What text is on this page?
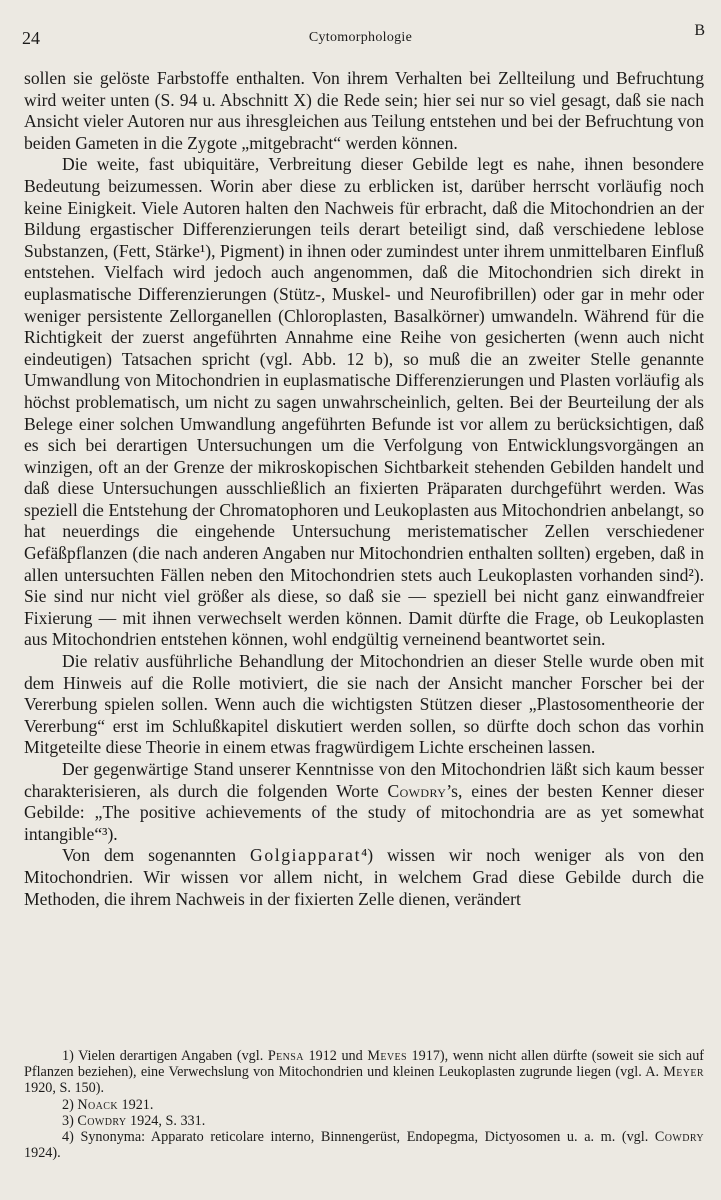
24	Cytomorphologie	B

sollen sie gelöste Farbstoffe enthalten. Von ihrem Verhalten bei Zellteilung und Befruchtung wird weiter unten (S. 94 u. Abschnitt X) die Rede sein; hier sei nur so viel gesagt, daß sie nach Ansicht vieler Autoren nur aus ihresgleichen aus Teilung entstehen und bei der Befruchtung von beiden Gameten in die Zygote „mitgebracht“ werden können.

Die weite, fast ubiquitäre, Verbreitung dieser Gebilde legt es nahe, ihnen besondere Bedeutung beizumessen. Worin aber diese zu erblicken ist, darüber herrscht vorläufig noch keine Einigkeit. Viele Autoren halten den Nachweis für erbracht, daß die Mitochondrien an der Bildung ergastischer Differenzierungen teils derart beteiligt sind, daß verschiedene leblose Substanzen, (Fett, Stärke¹), Pigment) in ihnen oder zumindest unter ihrem unmittelbaren Einfluß entstehen. Vielfach wird jedoch auch angenommen, daß die Mitochondrien sich direkt in euplasmatische Differenzierungen (Stütz-, Muskel- und Neurofibrillen) oder gar in mehr oder weniger persistente Zellorganellen (Chloroplasten, Basalkörner) umwandeln. Während für die Richtigkeit der zuerst angeführten Annahme eine Reihe von gesicherten (wenn auch nicht eindeutigen) Tatsachen spricht (vgl. Abb. 12 b), so muß die an zweiter Stelle genannte Umwandlung von Mitochondrien in euplasmatische Differenzierungen und Plasten vorläufig als höchst problematisch, um nicht zu sagen unwahrscheinlich, gelten. Bei der Beurteilung der als Belege einer solchen Umwandlung angeführten Befunde ist vor allem zu berücksichtigen, daß es sich bei derartigen Untersuchungen um die Verfolgung von Entwicklungsvorgängen an winzigen, oft an der Grenze der mikroskopischen Sichtbarkeit stehenden Gebilden handelt und daß diese Untersuchungen ausschließlich an fixierten Präparaten durchgeführt werden. Was speziell die Entstehung der Chromatophoren und Leukoplasten aus Mitochondrien anbelangt, so hat neuerdings die eingehende Untersuchung meristematischer Zellen verschiedener Gefäßpflanzen (die nach anderen Angaben nur Mitochondrien enthalten sollten) ergeben, daß in allen untersuchten Fällen neben den Mitochondrien stets auch Leukoplasten vorhanden sind²). Sie sind nur nicht viel größer als diese, so daß sie — speziell bei nicht ganz einwandfreier Fixierung — mit ihnen verwechselt werden können. Damit dürfte die Frage, ob Leukoplasten aus Mitochondrien entstehen können, wohl endgültig verneinend beantwortet sein.

Die relativ ausführliche Behandlung der Mitochondrien an dieser Stelle wurde oben mit dem Hinweis auf die Rolle motiviert, die sie nach der Ansicht mancher Forscher bei der Vererbung spielen sollen. Wenn auch die wichtigsten Stützen dieser „Plastosomentheorie der Vererbung“ erst im Schlußkapitel diskutiert werden sollen, so dürfte doch schon das vorhin Mitgeteilte diese Theorie in einem etwas fragwürdigem Lichte erscheinen lassen.

Der gegenwärtige Stand unserer Kenntnisse von den Mitochondrien läßt sich kaum besser charakterisieren, als durch die folgenden Worte Cowdry’s, eines der besten Kenner dieser Gebilde: „The positive achievements of the study of mitochondria are as yet somewhat intangible“³).

Von dem sogenannten Golgiapparat⁴) wissen wir noch weniger als von den Mitochondrien. Wir wissen vor allem nicht, in welchem Grad diese Gebilde durch die Methoden, die ihrem Nachweis in der fixierten Zelle dienen, verändert

1) Vielen derartigen Angaben (vgl. Pensa 1912 und Meves 1917), wenn nicht allen dürfte (soweit sie sich auf Pflanzen beziehen), eine Verwechslung von Mitochondrien und kleinen Leukoplasten zugrunde liegen (vgl. A. Meyer 1920, S. 150).

2) Noack 1921.

3) Cowdry 1924, S. 331.

4) Synonyma: Apparato reticolare interno, Binnengerüst, Endopegma, Dictyosomen u. a. m. (vgl. Cowdry 1924).
